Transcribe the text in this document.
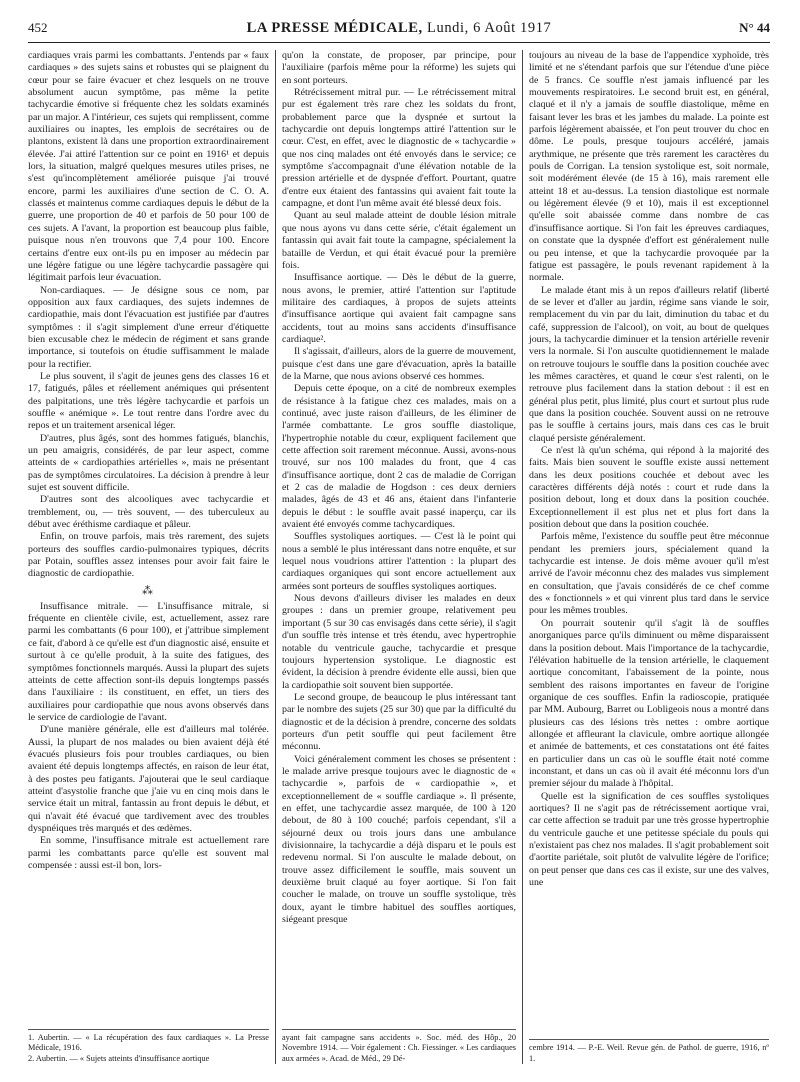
452	LA PRESSE MÉDICALE, Lundi, 6 Août 1917	N° 44

cardiaques vrais parmi les combattants. J'entends par « faux cardiaques » des sujets sains et robustes qui se plaignent du cœur pour se faire évacuer et chez lesquels on ne trouve absolument aucun symptôme, pas même la petite tachycardie émotive si fréquente chez les soldats examinés par un major. A l'intérieur, ces sujets qui remplissent, comme auxiliaires ou inaptes, les emplois de secrétaires ou de plantons, existent là dans une proportion extraordinairement élevée. J'ai attiré l'attention sur ce point en 1916¹ et depuis lors, la situation, malgré quelques mesures utiles prises, ne s'est qu'incomplètement améliorée puisque j'ai trouvé encore, parmi les auxiliaires d'une section de C. O. A. classés et maintenus comme cardiaques depuis le début de la guerre, une proportion de 40 et parfois de 50 pour 100 de ces sujets. A l'avant, la proportion est beaucoup plus faible, puisque nous n'en trouvons que 7,4 pour 100. Encore certains d'entre eux ont-ils pu en imposer au médecin par une légère fatigue ou une légère tachycardie passagère qui légitimait parfois leur évacuation.

Non-cardiaques. — Je désigne sous ce nom, par opposition aux faux cardiaques, des sujets indemnes de cardiopathie, mais dont l'évacuation est justifiée par d'autres symptômes : il s'agit simplement d'une erreur d'étiquette bien excusable chez le médecin de régiment et sans grande importance, si toutefois on étudie suffisamment le malade pour la rectifier.

Le plus souvent, il s'agit de jeunes gens des classes 16 et 17, fatigués, pâles et réellement anémiques qui présentent des palpitations, une très légère tachycardie et parfois un souffle « anémique ». Le tout rentre dans l'ordre avec du repos et un traitement arsenical léger.

D'autres, plus âgés, sont des hommes fatigués, blanchis, un peu amaigris, considérés, de par leur aspect, comme atteints de « cardiopathies artérielles », mais ne présentant pas de symptômes circulatoires. La décision à prendre à leur sujet est souvent difficile.

D'autres sont des alcooliques avec tachycardie et tremblement, ou, — très souvent, — des tuberculeux au début avec éréthisme cardiaque et pâleur.

Enfin, on trouve parfois, mais très rarement, des sujets porteurs des souffles cardio-pulmonaires typiques, décrits par Potain, souffles assez intenses pour avoir fait faire le diagnostic de cardiopathie.

⁂

Insuffisance mitrale. — L'insuffisance mitrale, si fréquente en clientèle civile, est, actuellement, assez rare parmi les combattants (6 pour 100), et j'attribue simplement ce fait, d'abord à ce qu'elle est d'un diagnostic aisé, ensuite et surtout à ce qu'elle produit, à la suite des fatigues, des symptômes fonctionnels marqués. Aussi la plupart des sujets atteints de cette affection sont-ils depuis longtemps passés dans l'auxiliaire : ils constituent, en effet, un tiers des auxiliaires pour cardiopathie que nous avons observés dans le service de cardiologie de l'avant.

D'une manière générale, elle est d'ailleurs mal tolérée. Aussi, la plupart de nos malades ou bien avaient déjà été évacués plusieurs fois pour troubles cardiaques, ou bien avaient été depuis longtemps affectés, en raison de leur état, à des postes peu fatigants. J'ajouterai que le seul cardiaque atteint d'asystolie franche que j'aie vu en cinq mois dans le service était un mitral, fantassin au front depuis le début, et qui n'avait été évacué que tardivement avec des troubles dyspnéiques très marqués et des œdèmes.

En somme, l'insuffisance mitrale est actuellement rare parmi les combattants parce qu'elle est souvent mal compensée : aussi est-il bon, lors-

1. Aubertin. — « La récupération des faux cardiaques ». La Presse Médicale, 1916.

2. Aubertin. — « Sujets atteints d'insuffisance aortique

qu'on la constate, de proposer, par principe, pour l'auxiliaire (parfois même pour la réforme) les sujets qui en sont porteurs.

Rétrécissement mitral pur. — Le rétrécissement mitral pur est également très rare chez les soldats du front, probablement parce que la dyspnée et surtout la tachycardie ont depuis longtemps attiré l'attention sur le cœur. C'est, en effet, avec le diagnostic de « tachycardie » que nos cinq malades ont été envoyés dans le service; ce symptôme s'accompagnait d'une élévation notable de la pression artérielle et de dyspnée d'effort. Pourtant, quatre d'entre eux étaient des fantassins qui avaient fait toute la campagne, et dont l'un même avait été blessé deux fois.

Quant au seul malade atteint de double lésion mitrale que nous ayons vu dans cette série, c'était également un fantassin qui avait fait toute la campagne, spécialement la bataille de Verdun, et qui était évacué pour la première fois.

Insuffisance aortique. — Dès le début de la guerre, nous avons, le premier, attiré l'attention sur l'aptitude militaire des cardiaques, à propos de sujets atteints d'insuffisance aortique qui avaient fait campagne sans accidents, tout au moins sans accidents d'insuffisance cardiaque².

Il s'agissait, d'ailleurs, alors de la guerre de mouvement, puisque c'est dans une gare d'évacuation, après la bataille de la Marne, que nous avions observé ces hommes.

Depuis cette époque, on a cité de nombreux exemples de résistance à la fatigue chez ces malades, mais on a continué, avec juste raison d'ailleurs, de les éliminer de l'armée combattante. Le gros souffle diastolique, l'hypertrophie notable du cœur, expliquent facilement que cette affection soit rarement méconnue. Aussi, avons-nous trouvé, sur nos 100 malades du front, que 4 cas d'insuffisance aortique, dont 2 cas de maladie de Corrigan et 2 cas de maladie de Hogdson : ces deux derniers malades, âgés de 43 et 46 ans, étaient dans l'infanterie depuis le début : le souffle avait passé inaperçu, car ils avaient été envoyés comme tachycardiques.

Souffles systoliques aortiques. — C'est là le point qui nous a semblé le plus intéressant dans notre enquête, et sur lequel nous voudrions attirer l'attention : la plupart des cardiaques organiques qui sont encore actuellement aux armées sont porteurs de souffles systoliques aortiques.

Nous devons d'ailleurs diviser les malades en deux groupes : dans un premier groupe, relativement peu important (5 sur 30 cas envisagés dans cette série), il s'agit d'un souffle très intense et très étendu, avec hypertrophie notable du ventricule gauche, tachycardie et presque toujours hypertension systolique. Le diagnostic est évident, la décision à prendre évidente elle aussi, bien que la cardiopathie soit souvent bien supportée.

Le second groupe, de beaucoup le plus intéressant tant par le nombre des sujets (25 sur 30) que par la difficulté du diagnostic et de la décision à prendre, concerne des soldats porteurs d'un petit souffle qui peut facilement être méconnu.

Voici généralement comment les choses se présentent : le malade arrive presque toujours avec le diagnostic de « tachycardie », parfois de « cardiopathie », et exceptionnellement de « souffle cardiaque ». Il présente, en effet, une tachycardie assez marquée, de 100 à 120 debout, de 80 à 100 couché; parfois cependant, s'il a séjourné deux ou trois jours dans une ambulance divisionnaire, la tachycardie a déjà disparu et le pouls est redevenu normal. Si l'on ausculte le malade debout, on trouve assez difficilement le souffle, mais souvent un deuxième bruit claqué au foyer aortique. Si l'on fait coucher le malade, on trouve un souffle systolique, très doux, ayant le timbre habituel des souffles aortiques, siégeant presque

ayant fait campagne sans accidents ». Soc. méd. des Hôp., 20 Novembre 1914. — Voir également : Ch. Fiessinger. « Les cardiaques aux armées ». Acad. de Méd., 29 Dé-

toujours au niveau de la base de l'appendice xyphoïde, très limité et ne s'étendant parfois que sur l'étendue d'une pièce de 5 francs. Ce souffle n'est jamais influencé par les mouvements respiratoires. Le second bruit est, en général, claqué et il n'y a jamais de souffle diastolique, même en faisant lever les bras et les jambes du malade. La pointe est parfois légèrement abaissée, et l'on peut trouver du choc en dôme. Le pouls, presque toujours accéléré, jamais arythmique, ne présente que très rarement les caractères du pouls de Corrigan. La tension systolique est, soit normale, soit modérément élevée (de 15 à 16), mais rarement elle atteint 18 et au-dessus. La tension diastolique est normale ou légèrement élevée (9 et 10), mais il est exceptionnel qu'elle soit abaissée comme dans nombre de cas d'insuffisance aortique. Si l'on fait les épreuves cardiaques, on constate que la dyspnée d'effort est généralement nulle ou peu intense, et que la tachycardie provoquée par la fatigue est passagère, le pouls revenant rapidement à la normale.

Le malade étant mis à un repos d'ailleurs relatif (liberté de se lever et d'aller au jardin, régime sans viande le soir, remplacement du vin par du lait, diminution du tabac et du café, suppression de l'alcool), on voit, au bout de quelques jours, la tachycardie diminuer et la tension artérielle revenir vers la normale. Si l'on ausculte quotidiennement le malade on retrouve toujours le souffle dans la position couchée avec les mêmes caractères, et quand le cœur s'est ralenti, on le retrouve plus facilement dans la station debout : il est en général plus petit, plus limité, plus court et surtout plus rude que dans la position couchée. Souvent aussi on ne retrouve pas le souffle à certains jours, mais dans ces cas le bruit claqué persiste généralement.

Ce n'est là qu'un schéma, qui répond à la majorité des faits. Mais bien souvent le souffle existe aussi nettement dans les deux positions couchée et debout avec les caractères différents déjà notés : court et rude dans la position debout, long et doux dans la position couchée. Exceptionnellement il est plus net et plus fort dans la position debout que dans la position couchée.

Parfois même, l'existence du souffle peut être méconnue pendant les premiers jours, spécialement quand la tachycardie est intense. Je dois même avouer qu'il m'est arrivé de l'avoir méconnu chez des malades vus simplement en consultation, que j'avais considérés de ce chef comme des « fonctionnels » et qui vinrent plus tard dans le service pour les mêmes troubles.

On pourrait soutenir qu'il s'agit là de souffles anorganiques parce qu'ils diminuent ou même disparaissent dans la position debout. Mais l'importance de la tachycardie, l'élévation habituelle de la tension artérielle, le claquement aortique concomitant, l'abaissement de la pointe, nous semblent des raisons importantes en faveur de l'origine organique de ces souffles. Enfin la radioscopie, pratiquée par MM. Aubourg, Barret ou Lobligeois nous a montré dans plusieurs cas des lésions très nettes : ombre aortique allongée et affleurant la clavicule, ombre aortique allongée et animée de battements, et ces constatations ont été faites en particulier dans un cas où le souffle était noté comme inconstant, et dans un cas où il avait été méconnu lors d'un premier séjour du malade à l'hôpital.

Quelle est la signification de ces souffles systoliques aortiques? Il ne s'agit pas de rétrécissement aortique vrai, car cette affection se traduit par une très grosse hypertrophie du ventricule gauche et une petitesse spéciale du pouls qui n'existaient pas chez nos malades. Il s'agit probablement soit d'aortite pariétale, soit plutôt de valvulite légère de l'orifice; on peut penser que dans ces cas il existe, sur une des valves, une

cembre 1914. — P.-E. Weil. Revue gén. de Pathol. de guerre, 1916, nº 1.
